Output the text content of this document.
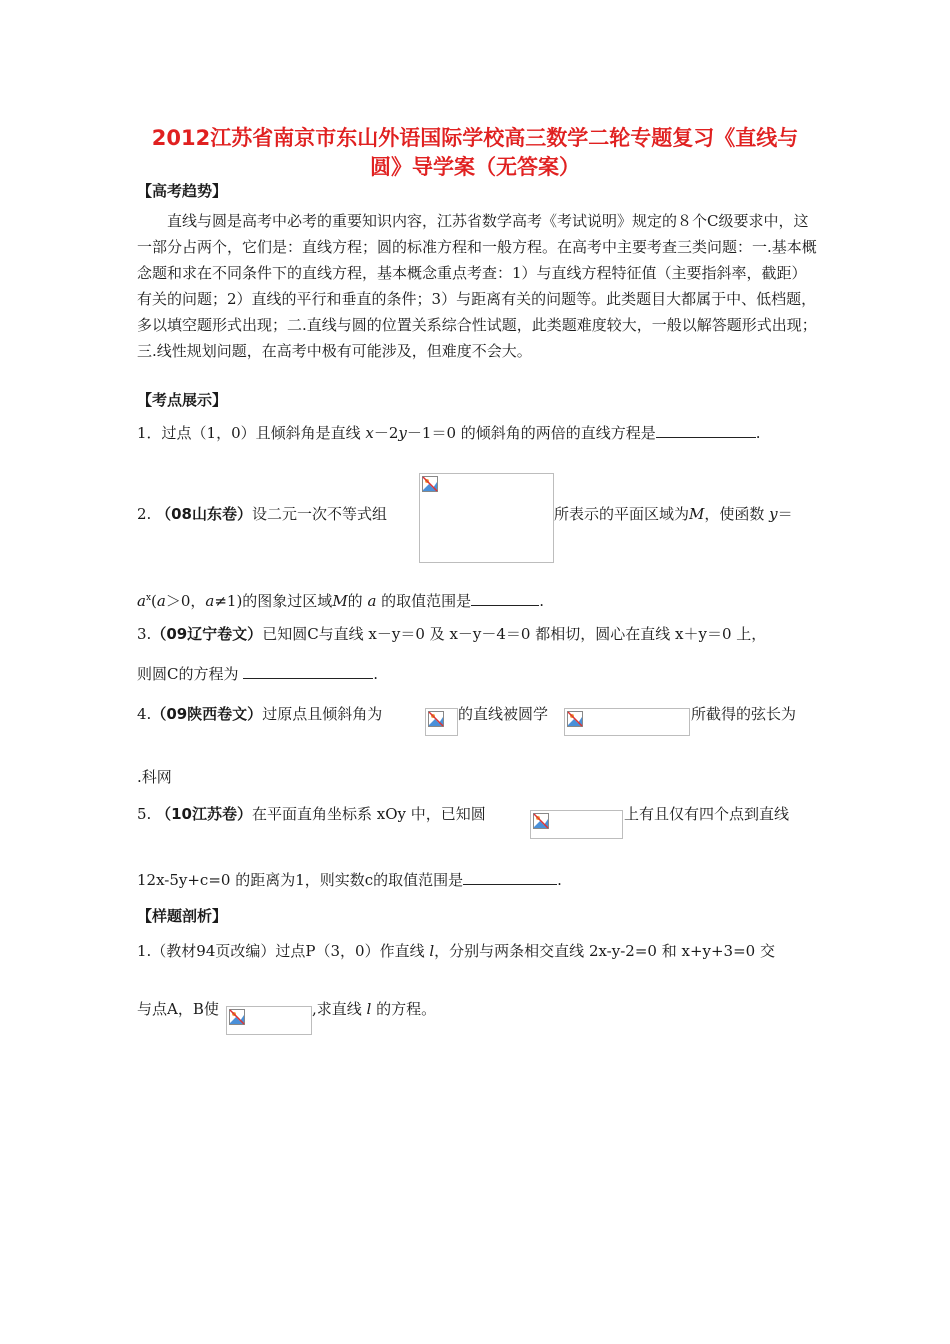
2012江苏省南京市东山外语国际学校高三数学二轮专题复习《直线与
圆》导学案（无答案）
【高考趋势】
直线与圆是高考中必考的重要知识内容，江苏省数学高考《考试说明》规定的８个C级要求中，这一部分占两个，它们是：直线方程；圆的标准方程和一般方程。在高考中主要考查三类问题：一.基本概念题和求在不同条件下的直线方程，基本概念重点考查：1）与直线方程特征值（主要指斜率，截距）有关的问题；2）直线的平行和垂直的条件；3）与距离有关的问题等。此类题目大都属于中、低档题，多以填空题形式出现；二.直线与圆的位置关系综合性试题，此类题难度较大，一般以解答题形式出现；三.线性规划问题，在高考中极有可能涉及，但难度不会大。
【考点展示】
1．过点（1，0）且倾斜角是直线 x－2y－1＝0 的倾斜角的两倍的直线方程是	.
2. （08山东卷）设二元一次不等式组	所表示的平面区域为M，使函数 y＝
$a^x(a>0$，a≠1)的图象过区域M的 a 的取值范围是	.
3.（09辽宁卷文）已知圆C与直线 x－y＝0 及 x－y－4＝0 都相切，圆心在直线 x＋y＝0 上，
则圆C的方程为	.
4.（09陕西卷文）过原点且倾斜角为	的直线被圆学	所截得的弦长为
.科网
5. （10江苏卷）在平面直角坐标系 xOy 中，已知圆	上有且仅有四个点到直线
12x-5y+c=0 的距离为1，则实数c的取值范围是	.
【样题剖析】
1.（教材94页改编）过点P（3，0）作直线 l，分别与两条相交直线 2x-y-2=0 和 x+y+3=0 交
与点A，B使	,求直线 l 的方程。
